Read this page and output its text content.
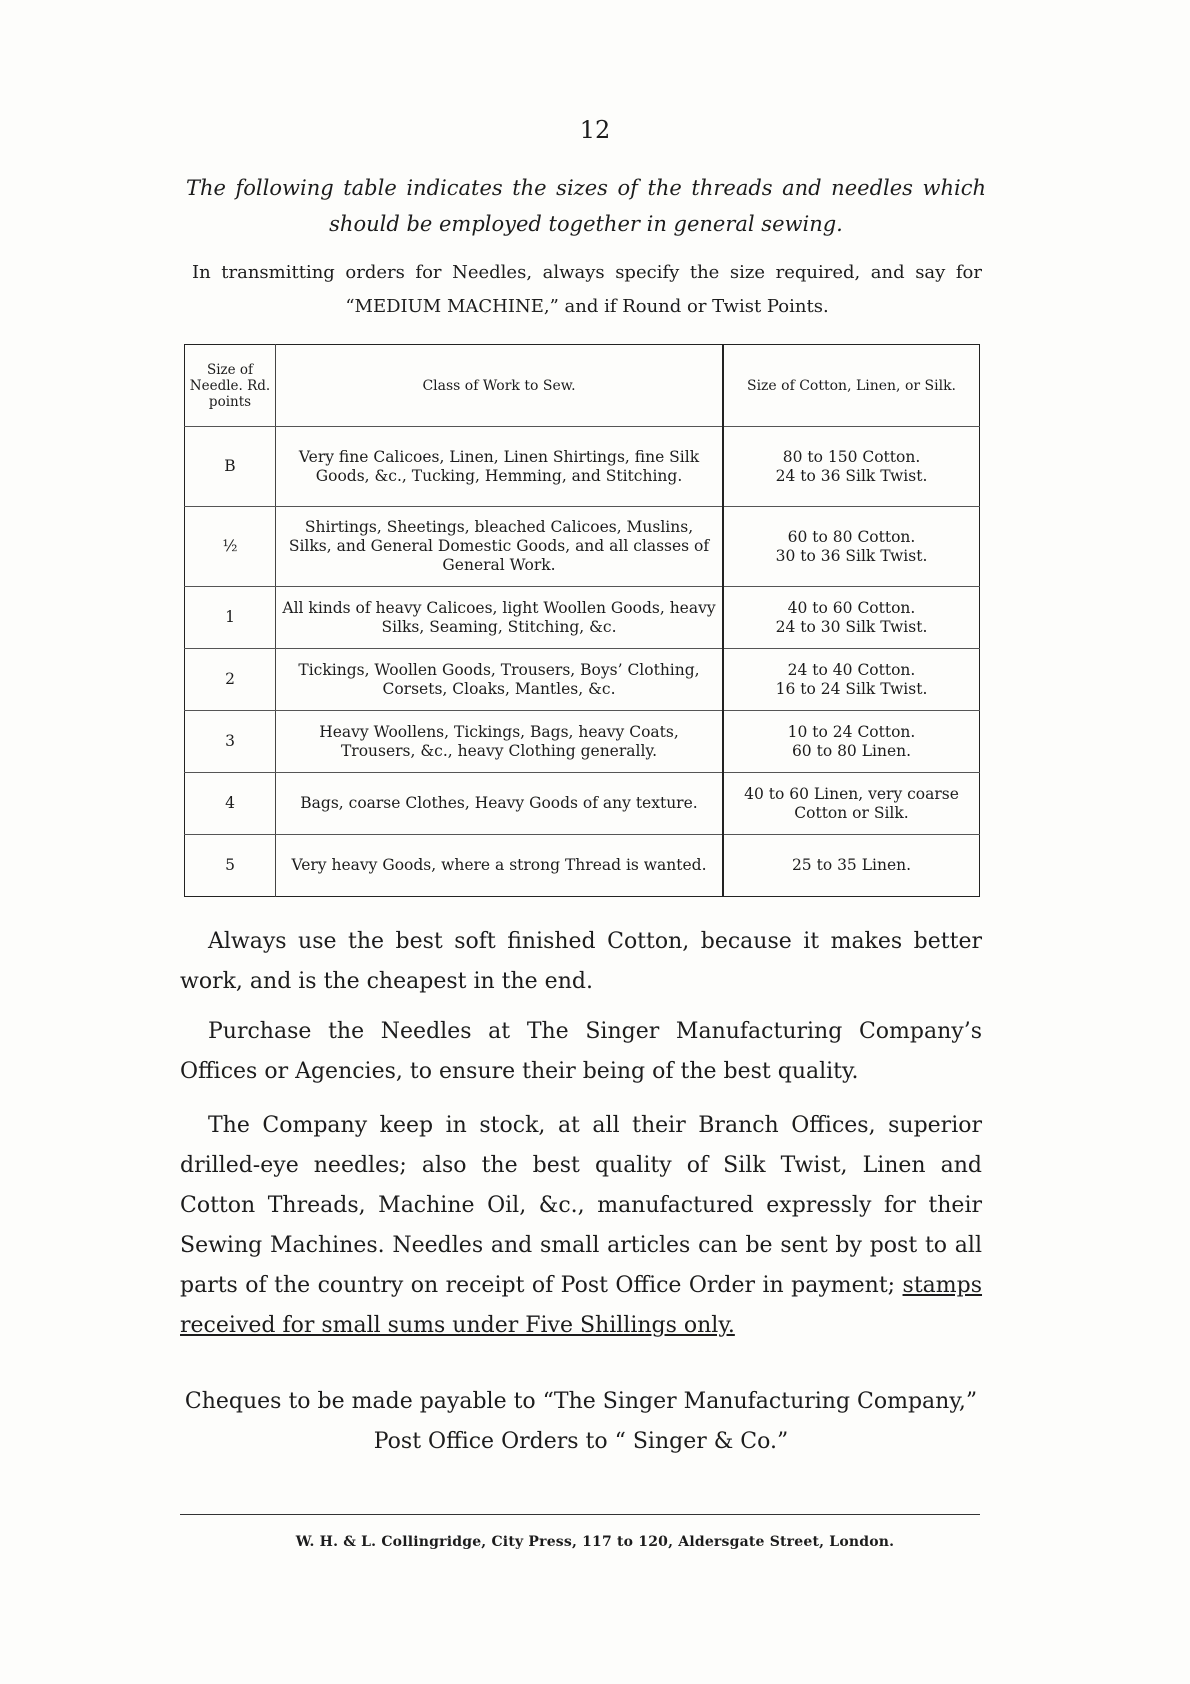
12
The following table indicates the sizes of the threads and needles which should be employed together in general sewing.
In transmitting orders for Needles, always specify the size required, and say for “MEDIUM MACHINE,” and if Round or Twist Points.
Size of Needle. Rd. points	Class of Work to Sew.	Size of Cotton, Linen, or Silk.
B	Very fine Calicoes, Linen, Linen Shirtings, fine Silk Goods, &c., Tucking, Hemming, and Stitching.	80 to 150 Cotton.
24 to 36 Silk Twist.

½	Shirtings, Sheetings, bleached Calicoes, Muslins, Silks, and General Domestic Goods, and all classes of General Work.	60 to 80 Cotton.
30 to 36 Silk Twist.

1	All kinds of heavy Calicoes, light Woollen Goods, heavy Silks, Seaming, Stitching, &c.	40 to 60 Cotton.
24 to 30 Silk Twist.

2	Tickings, Woollen Goods, Trousers, Boys’ Clothing, Corsets, Cloaks, Mantles, &c.	24 to 40 Cotton.
16 to 24 Silk Twist.

3	Heavy Woollens, Tickings, Bags, heavy Coats, Trousers, &c., heavy Clothing generally.	10 to 24 Cotton.
60 to 80 Linen.

4	Bags, coarse Clothes, Heavy Goods of any texture.	40 to 60 Linen, very coarse
Cotton or Silk.

5	Very heavy Goods, where a strong Thread is wanted.	25 to 35 Linen.

Always use the best soft finished Cotton, because it makes better work, and is the cheapest in the end.

Purchase the Needles at The Singer Manufacturing Company’s Offices or Agencies, to ensure their being of the best quality.

The Company keep in stock, at all their Branch Offices, superior drilled-eye needles; also the best quality of Silk Twist, Linen and Cotton Threads, Machine Oil, &c., manufactured expressly for their Sewing Machines. Needles and small articles can be sent by post to all parts of the country on receipt of Post Office Order in payment; stamps received for small sums under Five Shillings only.

Cheques to be made payable to “The Singer Manufacturing Company,”
Post Office Orders to “ Singer & Co.”
W. H. & L. Collingridge, City Press, 117 to 120, Aldersgate Street, London.
